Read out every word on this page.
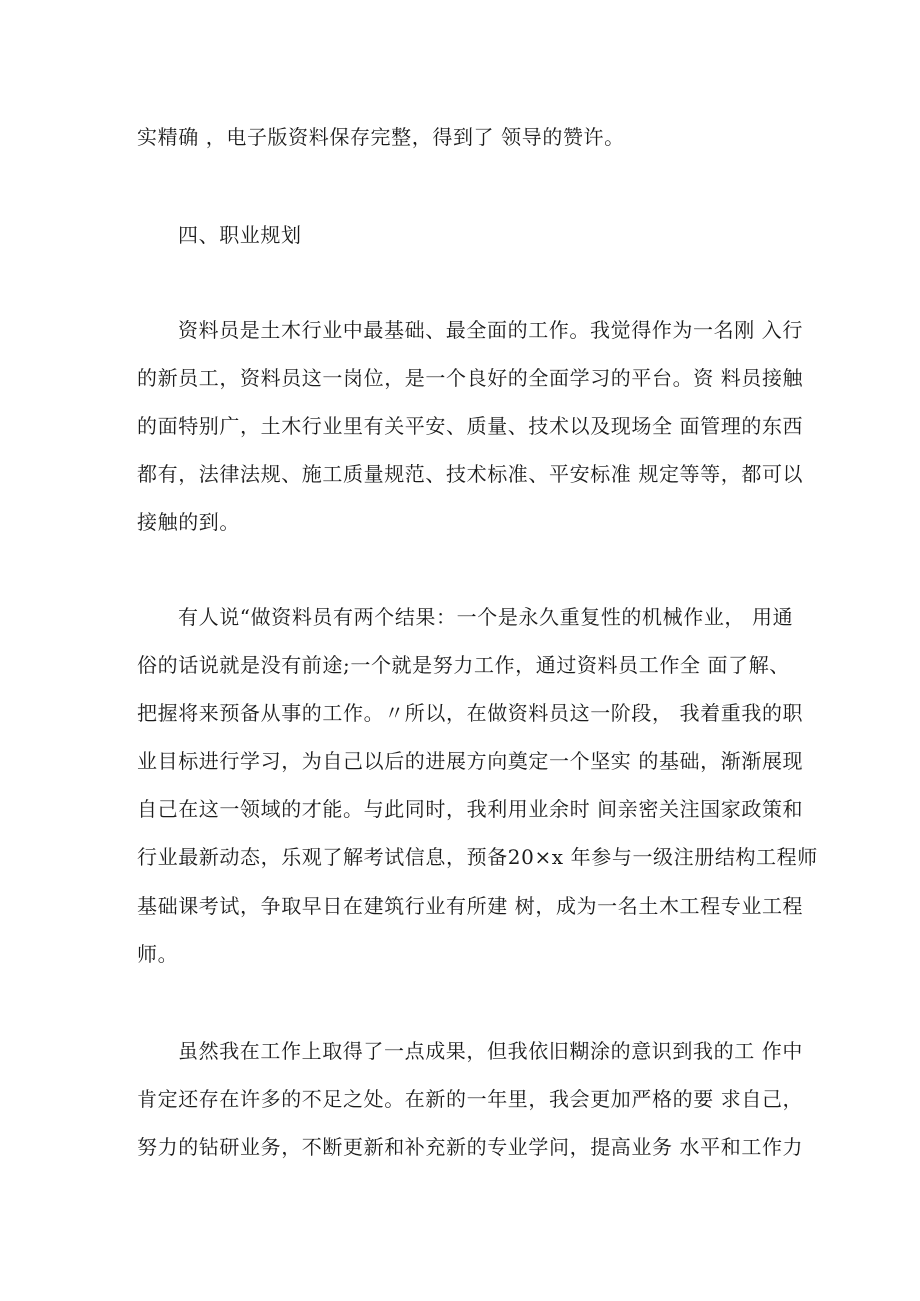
实精确 ，电子版资料保存完整，得到了 领导的赞许。

四、职业规划

资料员是土木行业中最基础、最全面的工作。我觉得作为一名刚 入行

的新员工，资料员这一岗位，是一个良好的全面学习的平台。资 料员接触

的面特别广，土木行业里有关平安、质量、技术以及现场全 面管理的东西

都有，法律法规、施工质量规范、技术标准、平安标准 规定等等，都可以

接触的到。

有人说“做资料员有两个结果：一个是永久重复性的机械作业， 用通

俗的话说就是没有前途;一个就是努力工作，通过资料员工作全 面了解、

把握将来预备从事的工作。〃所以，在做资料员这一阶段， 我着重我的职

业目标进行学习，为自己以后的进展方向奠定一个坚实 的基础，渐渐展现

自己在这一领域的才能。与此同时，我利用业余时 间亲密关注国家政策和

行业最新动态，乐观了解考试信息，预备20×x 年参与一级注册结构工程师

基础课考试，争取早日在建筑行业有所建 树，成为一名土木工程专业工程

师。

虽然我在工作上取得了一点成果，但我依旧糊涂的意识到我的工 作中

肯定还存在许多的不足之处。在新的一年里，我会更加严格的要 求自己，

努力的钻研业务，不断更新和补充新的专业学问，提高业务 水平和工作力
